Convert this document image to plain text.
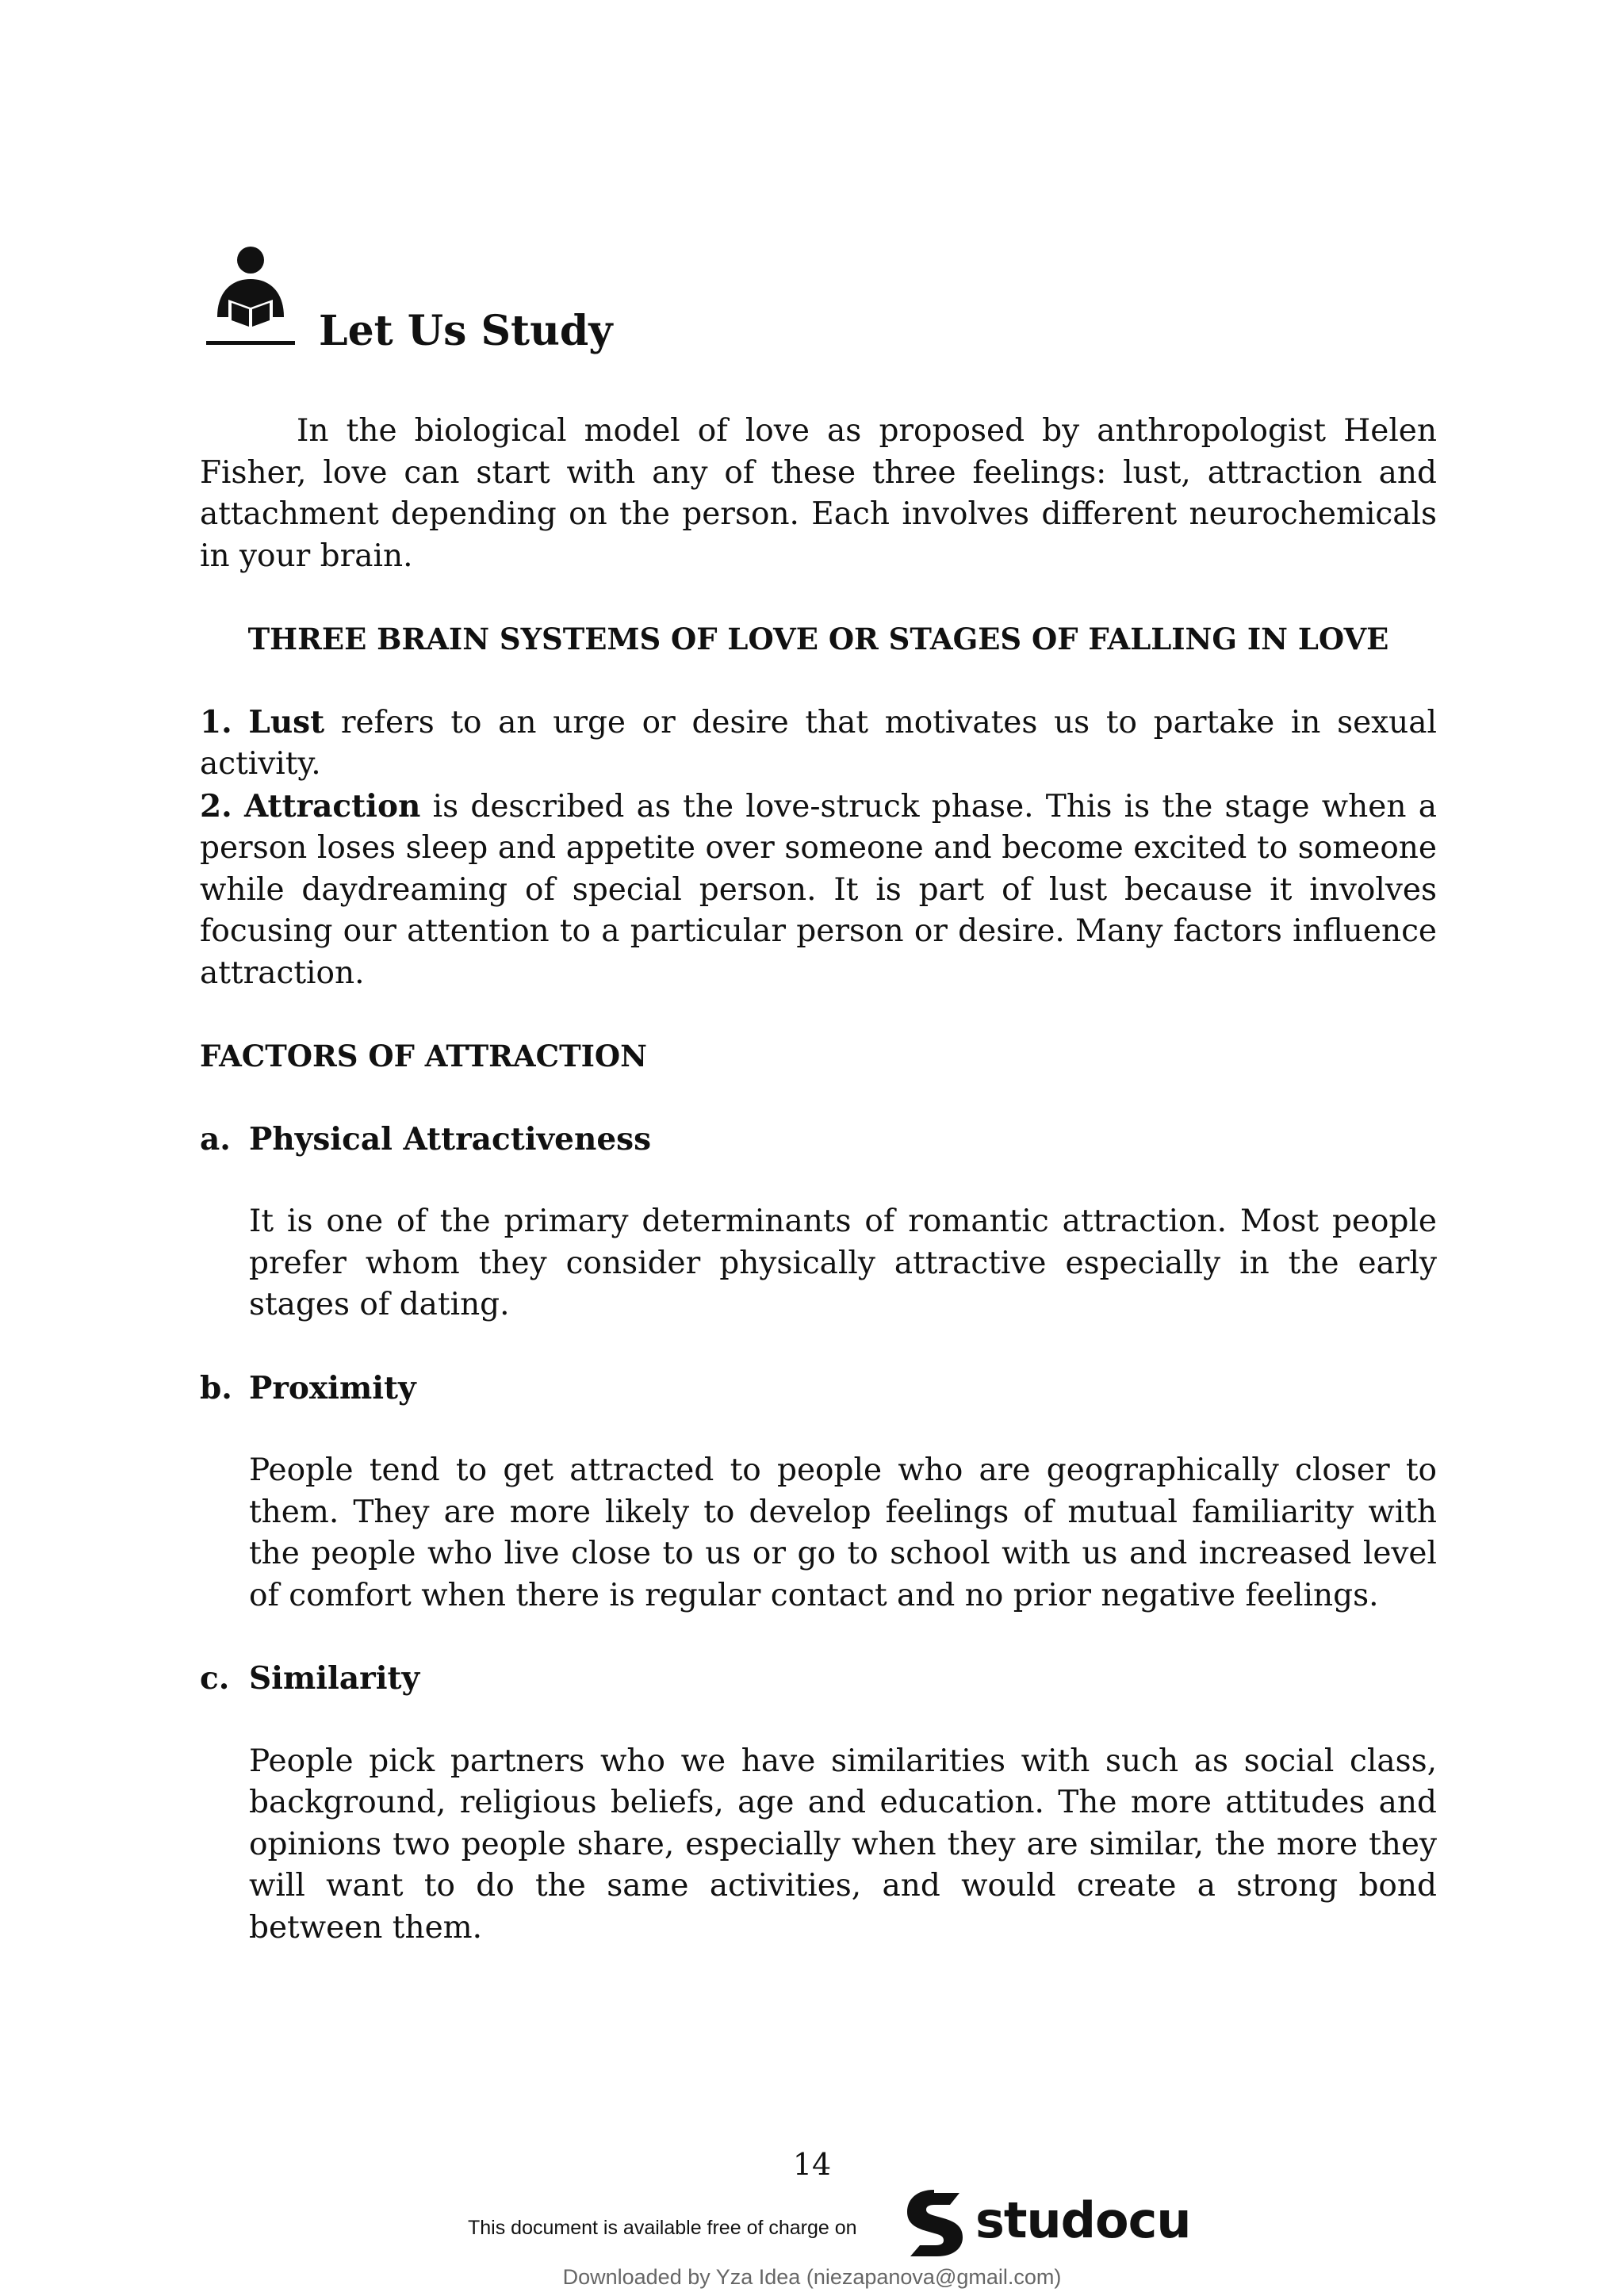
Let Us Study

In the biological model of love as proposed by anthropologist Helen Fisher, love can start with any of these three feelings: lust, attraction and attachment depending on the person. Each involves different neurochemicals in your brain.

THREE BRAIN SYSTEMS OF LOVE OR STAGES OF FALLING IN LOVE

1. Lust refers to an urge or desire that motivates us to partake in sexual activity.

2. Attraction is described as the love-struck phase. This is the stage when a person loses sleep and appetite over someone and become excited to someone while daydreaming of special person. It is part of lust because it involves focusing our attention to a particular person or desire. Many factors influence attraction.

FACTORS OF ATTRACTION

a. Physical Attractiveness

It is one of the primary determinants of romantic attraction. Most people prefer whom they consider physically attractive especially in the early stages of dating.

b. Proximity

People tend to get attracted to people who are geographically closer to them. They are more likely to develop feelings of mutual familiarity with the people who live close to us or go to school with us and increased level of comfort when there is regular contact and no prior negative feelings.

c. Similarity

People pick partners who we have similarities with such as social class, background, religious beliefs, age and education. The more attitudes and opinions two people share, especially when they are similar, the more they will want to do the same activities, and would create a strong bond between them.

14
This document is available free of charge on studocu
Downloaded by Yza Idea (niezapanova@gmail.com)
